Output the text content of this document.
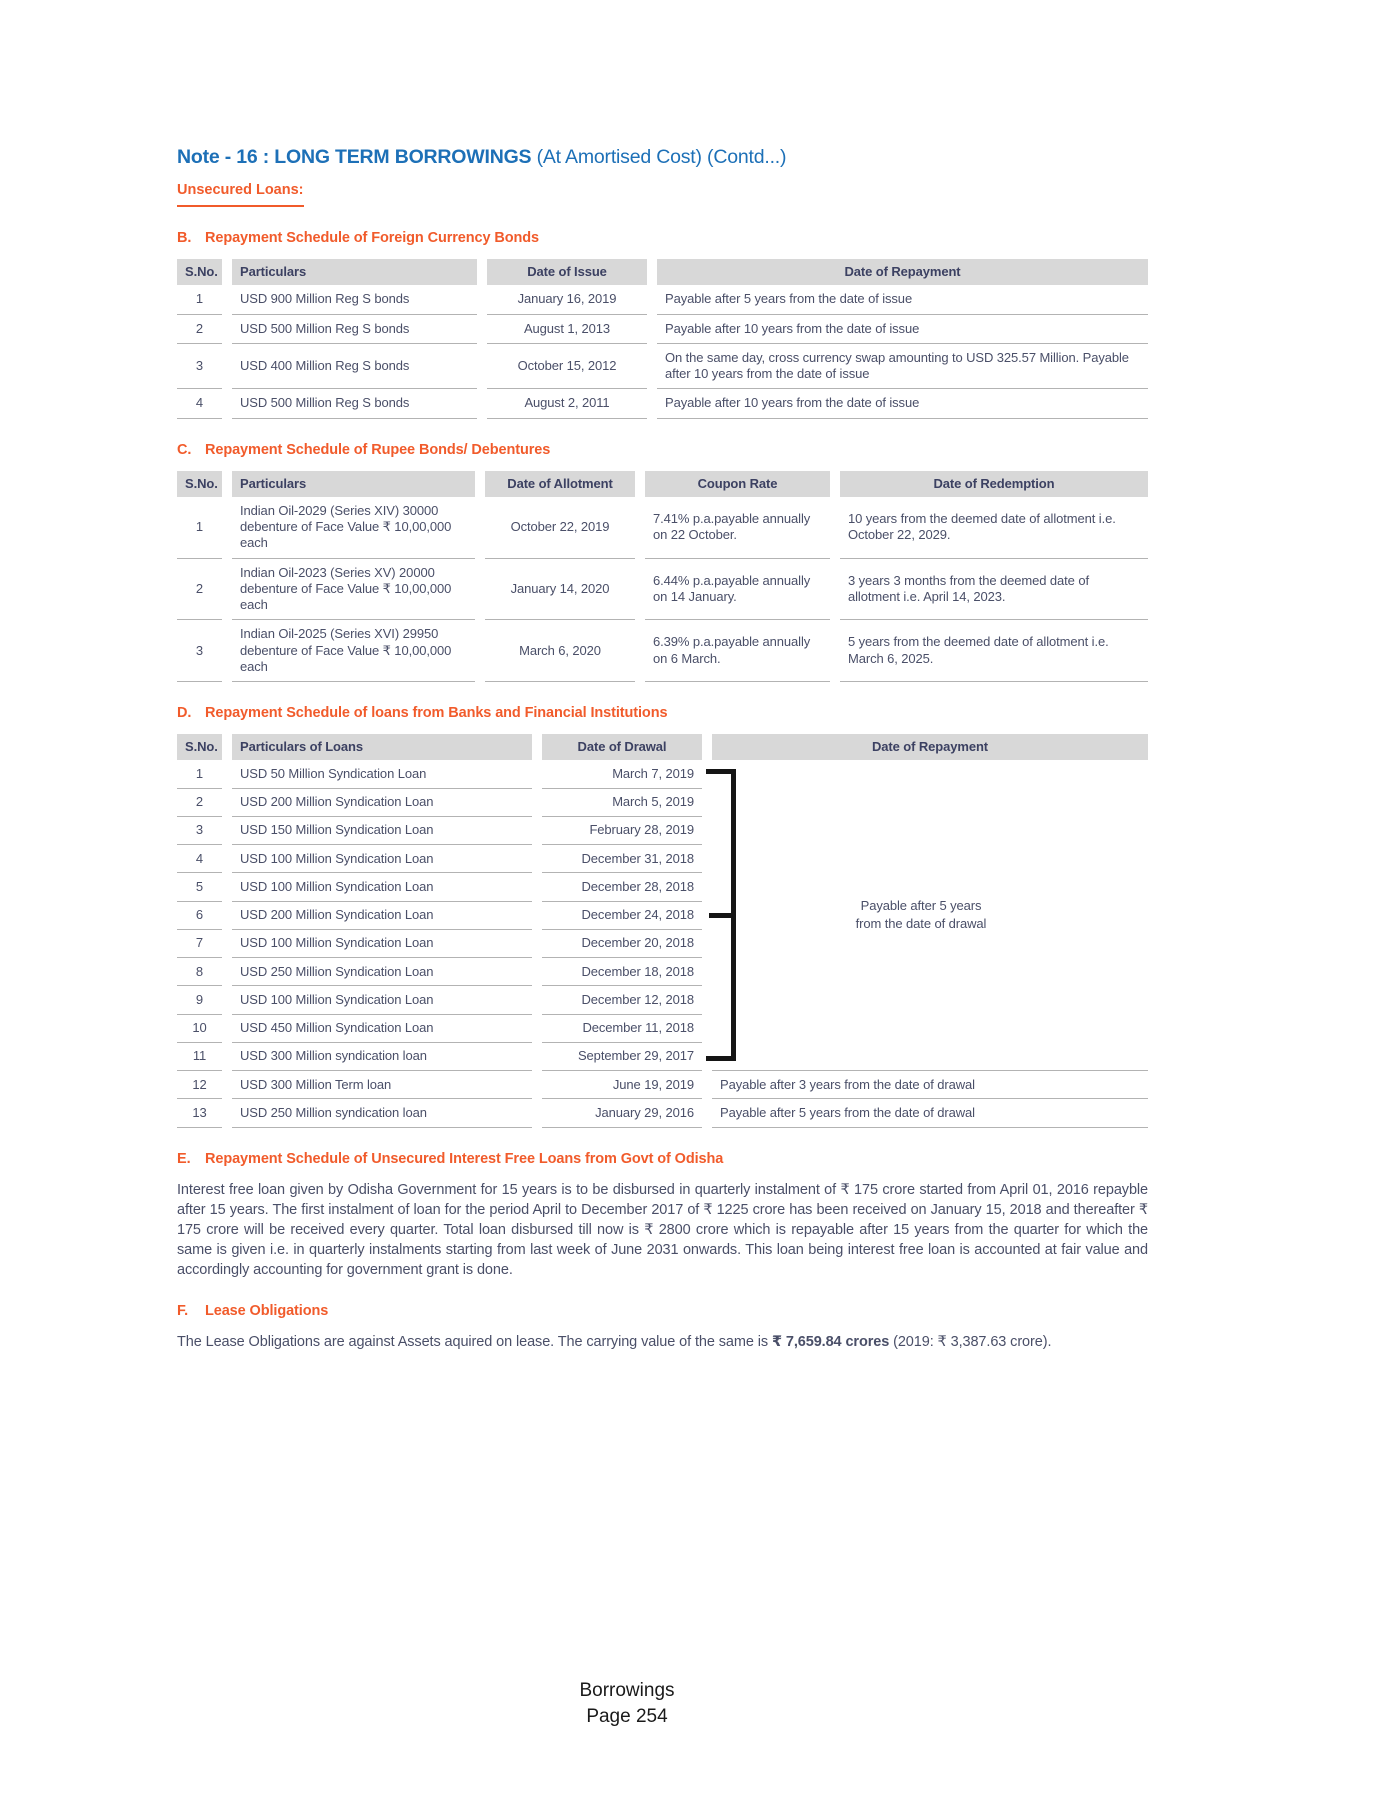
Note - 16 : LONG TERM BORROWINGS (At Amortised Cost) (Contd...)
Unsecured Loans:
B. Repayment Schedule of Foreign Currency Bonds
S.No.	Particulars	Date of Issue	Date of Repayment
1	USD 900 Million Reg S bonds	January 16, 2019	Payable after 5 years from the date of issue
2	USD 500 Million Reg S bonds	August 1, 2013	Payable after 10 years from the date of issue
3	USD 400 Million Reg S bonds	October 15, 2012	On the same day, cross currency swap amounting to USD 325.57 Million. Payable after 10 years from the date of issue
4	USD 500 Million Reg S bonds	August 2, 2011	Payable after 10 years from the date of issue
C. Repayment Schedule of Rupee Bonds/ Debentures
S.No.	Particulars	Date of Allotment	Coupon Rate	Date of Redemption
1	Indian Oil-2029 (Series XIV) 30000 debenture of Face Value ₹ 10,00,000 each	October 22, 2019	7.41% p.a.payable annually on 22 October.	10 years from the deemed date of allotment i.e. October 22, 2029.
2	Indian Oil-2023 (Series XV) 20000 debenture of Face Value ₹ 10,00,000 each	January 14, 2020	6.44% p.a.payable annually on 14 January.	3 years 3 months from the deemed date of allotment i.e. April 14, 2023.
3	Indian Oil-2025 (Series XVI) 29950 debenture of Face Value ₹ 10,00,000 each	March 6, 2020	6.39% p.a.payable annually on 6 March.	5 years from the deemed date of allotment i.e. March 6, 2025.
D. Repayment Schedule of loans from Banks and Financial Institutions
S.No.	Particulars of Loans	Date of Drawal	Date of Repayment
1	USD 50 Million Syndication Loan	March 7, 2019	Payable after 5 years
from the date of drawal

2	USD 200 Million Syndication Loan	March 5, 2019	
3	USD 150 Million Syndication Loan	February 28, 2019	
4	USD 100 Million Syndication Loan	December 31, 2018	
5	USD 100 Million Syndication Loan	December 28, 2018	
6	USD 200 Million Syndication Loan	December 24, 2018	
7	USD 100 Million Syndication Loan	December 20, 2018	
8	USD 250 Million Syndication Loan	December 18, 2018	
9	USD 100 Million Syndication Loan	December 12, 2018	
10	USD 450 Million Syndication Loan	December 11, 2018	
11	USD 300 Million syndication loan	September 29, 2017	
12	USD 300 Million Term loan	June 19, 2019	Payable after 3 years from the date of drawal
13	USD 250 Million syndication loan	January 29, 2016	Payable after 5 years from the date of drawal
E.	Repayment Schedule of Unsecured Interest Free Loans from Govt of Odisha
Interest free loan given by Odisha Government for 15 years is to be disbursed in quarterly instalment of ₹ 175 crore started from April 01, 2016 repayble after 15 years. The first instalment of loan for the period April to December 2017 of ₹ 1225 crore has been received on January 15, 2018 and thereafter ₹ 175 crore will be received every quarter. Total loan disbursed till now is ₹ 2800 crore which is repayable after 15 years from the quarter for which the same is given i.e. in quarterly instalments starting from last week of June 2031 onwards. This loan being interest free loan is accounted at fair value and accordingly accounting for government grant is done.
F.	Lease Obligations
The Lease Obligations are against Assets aquired on lease. The carrying value of the same is ₹ 7,659.84 crores (2019: ₹ 3,387.63 crore).
Borrowings
Page 254
